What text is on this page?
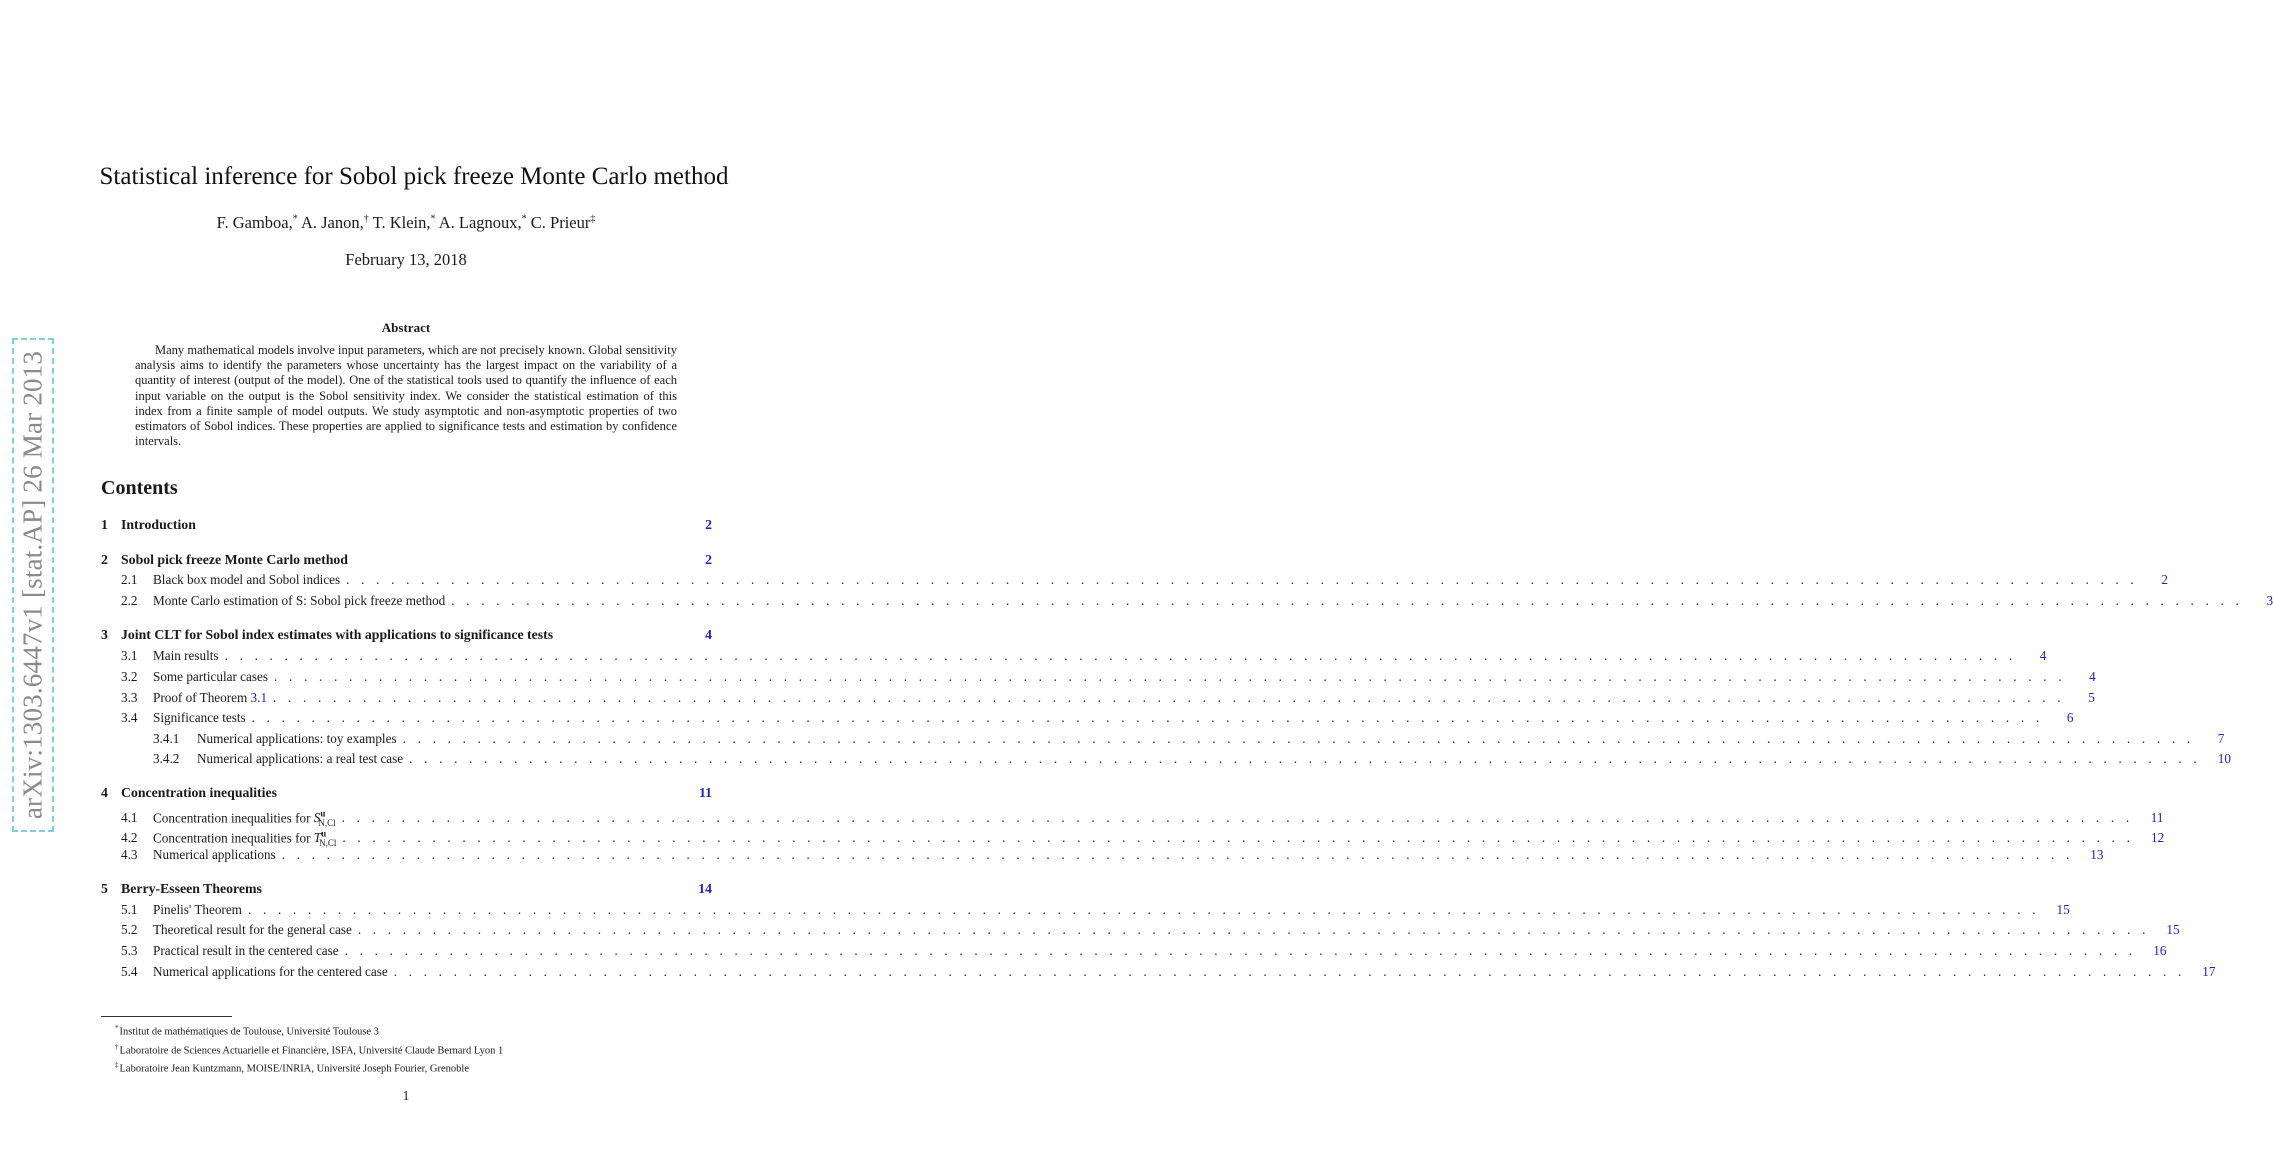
arXiv:1303.6447v1 [stat.AP] 26 Mar 2013
Statistical inference for Sobol pick freeze Monte Carlo method
F. Gamboa,* A. Janon,† T. Klein,* A. Lagnoux,* C. Prieur‡
February 13, 2018
Abstract
Many mathematical models involve input parameters, which are not precisely known. Global sensitivity analysis aims to identify the parameters whose uncertainty has the largest impact on the variability of a quantity of interest (output of the model). One of the statistical tools used to quantify the influence of each input variable on the output is the Sobol sensitivity index. We consider the statistical estimation of this index from a finite sample of model outputs. We study asymptotic and non-asymptotic properties of two estimators of Sobol indices. These properties are applied to significance tests and estimation by confidence intervals.
Contents
1 Introduction	2
2 Sobol pick freeze Monte Carlo method	2
2.1	Black box model and Sobol indices . . . . . . . . . . . . . . . . . . . . . . . . . . . . . . . . . . . . . . . . . . . . . . . . . . . . . . . . . . . . . . . . . . . . . . . . . . . . . . . . . . . . . . . . . . . . . . . . . . . . . . . . . . . . . . . . . . . . . . . .	2
2.2	Monte Carlo estimation of S: Sobol pick freeze method . . . . . . . . . . . . . . . . . . . . . . . . . . . . . . . . . . . . . . . . . . . . . . . . . . . . . . . . . . . . . . . . . . . . . . . . . . . . . . . . . . . . . . . . . . . . . . . . . . . . . . . . . . . . . . . . . . . . . . . .	3
3 Joint CLT for Sobol index estimates with applications to significance tests	4
3.1	Main results . . . . . . . . . . . . . . . . . . . . . . . . . . . . . . . . . . . . . . . . . . . . . . . . . . . . . . . . . . . . . . . . . . . . . . . . . . . . . . . . . . . . . . . . . . . . . . . . . . . . . . . . . . . . . . . . . . . . . . . .	4
3.2	Some particular cases . . . . . . . . . . . . . . . . . . . . . . . . . . . . . . . . . . . . . . . . . . . . . . . . . . . . . . . . . . . . . . . . . . . . . . . . . . . . . . . . . . . . . . . . . . . . . . . . . . . . . . . . . . . . . . . . . . . . . . . .	4
3.3	Proof of Theorem 3.1 . . . . . . . . . . . . . . . . . . . . . . . . . . . . . . . . . . . . . . . . . . . . . . . . . . . . . . . . . . . . . . . . . . . . . . . . . . . . . . . . . . . . . . . . . . . . . . . . . . . . . . . . . . . . . . . . . . . . . . . .	5
3.4	Significance tests . . . . . . . . . . . . . . . . . . . . . . . . . . . . . . . . . . . . . . . . . . . . . . . . . . . . . . . . . . . . . . . . . . . . . . . . . . . . . . . . . . . . . . . . . . . . . . . . . . . . . . . . . . . . . . . . . . . . . . . .	6
3.4.1	Numerical applications: toy examples . . . . . . . . . . . . . . . . . . . . . . . . . . . . . . . . . . . . . . . . . . . . . . . . . . . . . . . . . . . . . . . . . . . . . . . . . . . . . . . . . . . . . . . . . . . . . . . . . . . . . . . . . . . . . . . . . . . . . . . .	7
3.4.2	Numerical applications: a real test case . . . . . . . . . . . . . . . . . . . . . . . . . . . . . . . . . . . . . . . . . . . . . . . . . . . . . . . . . . . . . . . . . . . . . . . . . . . . . . . . . . . . . . . . . . . . . . . . . . . . . . . . . . . . . . . . . . . . . . . .	10
4 Concentration inequalities	11
4.1	Concentration inequalities for $S^u_{N,Cl}$ . . . . . . . . . . . . . . . . . . . . . . . . . . . . . . . . . . . . . . . . . . . . . . . . . . . . . . . . . . . . . . . . . . . . . . . . . . . . . . . . . . . . . . . . . . . . . . . . . . . . . . . . . . . . . . . . . . . . . . . .	11
4.2	Concentration inequalities for $T^u_{N,Cl}$ . . . . . . . . . . . . . . . . . . . . . . . . . . . . . . . . . . . . . . . . . . . . . . . . . . . . . . . . . . . . . . . . . . . . . . . . . . . . . . . . . . . . . . . . . . . . . . . . . . . . . . . . . . . . . . . . . . . . . . . .	12
4.3	Numerical applications . . . . . . . . . . . . . . . . . . . . . . . . . . . . . . . . . . . . . . . . . . . . . . . . . . . . . . . . . . . . . . . . . . . . . . . . . . . . . . . . . . . . . . . . . . . . . . . . . . . . . . . . . . . . . . . . . . . . . . . .	13
5 Berry-Esseen Theorems	14
5.1	Pinelis' Theorem . . . . . . . . . . . . . . . . . . . . . . . . . . . . . . . . . . . . . . . . . . . . . . . . . . . . . . . . . . . . . . . . . . . . . . . . . . . . . . . . . . . . . . . . . . . . . . . . . . . . . . . . . . . . . . . . . . . . . . . .	15
5.2	Theoretical result for the general case . . . . . . . . . . . . . . . . . . . . . . . . . . . . . . . . . . . . . . . . . . . . . . . . . . . . . . . . . . . . . . . . . . . . . . . . . . . . . . . . . . . . . . . . . . . . . . . . . . . . . . . . . . . . . . . . . . . . . . . .	15
5.3	Practical result in the centered case . . . . . . . . . . . . . . . . . . . . . . . . . . . . . . . . . . . . . . . . . . . . . . . . . . . . . . . . . . . . . . . . . . . . . . . . . . . . . . . . . . . . . . . . . . . . . . . . . . . . . . . . . . . . . . . . . . . . . . . .	16
5.4	Numerical applications for the centered case . . . . . . . . . . . . . . . . . . . . . . . . . . . . . . . . . . . . . . . . . . . . . . . . . . . . . . . . . . . . . . . . . . . . . . . . . . . . . . . . . . . . . . . . . . . . . . . . . . . . . . . . . . . . . . . . . . . . . . . .	17
*Institut de mathématiques de Toulouse, Université Toulouse 3
†Laboratoire de Sciences Actuarielle et Financière, ISFA, Université Claude Bernard Lyon 1
‡Laboratoire Jean Kuntzmann, MOISE/INRIA, Université Joseph Fourier, Grenoble
1
